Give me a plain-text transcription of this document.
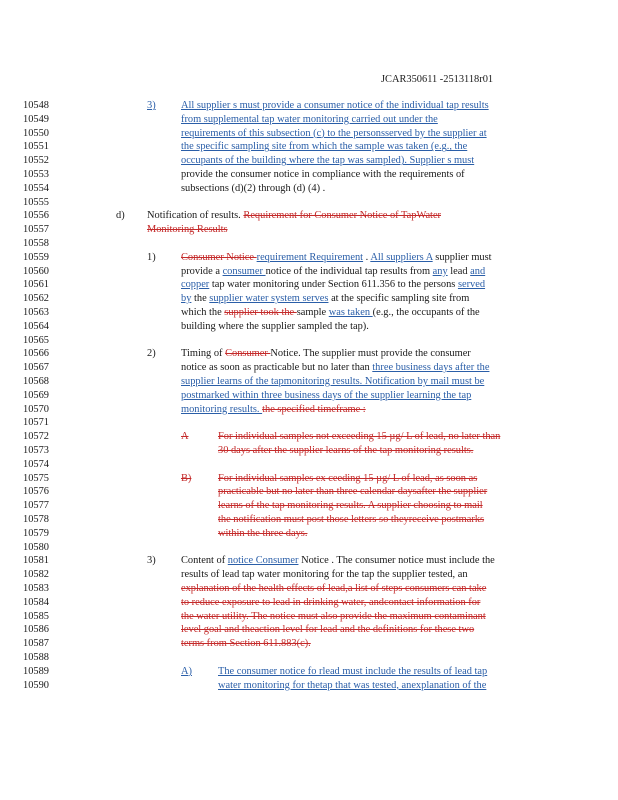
JCAR350611 -2513118r01
10548	3) All supplier s must provide a consumer notice of the individual tap results
10549	from supplemental tap water monitoring carried out under the
10550	requirements of this subsection (c) to the personsserved by the supplier at
10551	the specific sampling site from which the sample was taken (e.g., the
10552	occupants of the building where the tap was sampled). Supplier s must
10553	provide the consumer notice in compliance with the requirements of
10554	subsections (d)(2) through (d) (4) .
10555
10556	d) Notification of results. Requirement for Consumer Notice of TapWater
10557	Monitoring Results
10558
10559	1) Consumer Notice requirement Requirement . All suppliers A supplier must
10560	provide a consumer notice of the individual tap results from any lead and
10561	copper tap water monitoring under Section 611.356 to the persons served
10562	by the supplier water system serves at the specific sampling site from
10563	which the supplier took the sample was taken (e.g., the occupants of the
10564	building where the supplier sampled the tap).
10565
10566	2) Timing of Consumer Notice. The supplier must provide the consumer
10567	notice as soon as practicable but no later than three business days after the
10568	supplier learns of the tapmonitoring results. Notification by mail must be
10569	postmarked within three business days of the supplier learning the tap
10570	monitoring results. the specified timeframe :
10571
10572	A	For individual samples not exceeding 15 µg/ L of lead, no later than
10573	30 days after the supplier learns of the tap monitoring results.
10574
10575	B)	For individual samples ex ceeding 15 µg/ L of lead, as soon as
10576	practicable but no later than three calendar daysafter the supplier
10577	learns of the tap monitoring results. A supplier choosing to mail
10578	the notification must post those letters so theyreceive postmarks
10579	within the three days.
10580
10581	3) Content of notice Consumer Notice . The consumer notice must include the
10582	results of lead tap water monitoring for the tap the supplier tested, an
10583	explanation of the health effects of lead,a list of steps consumers can take
10584	to reduce exposure to lead in drinking water, andcontact information for
10585	the water utility. The notice must also provide the maximum contaminant
10586	level goal and theaction level for lead and the definitions for these two
10587	terms from Section 611.883(c).
10588
10589	A)	The consumer notice fo rlead must include the results of lead tap
10590	water monitoring for thetap that was tested, anexplanation of the
